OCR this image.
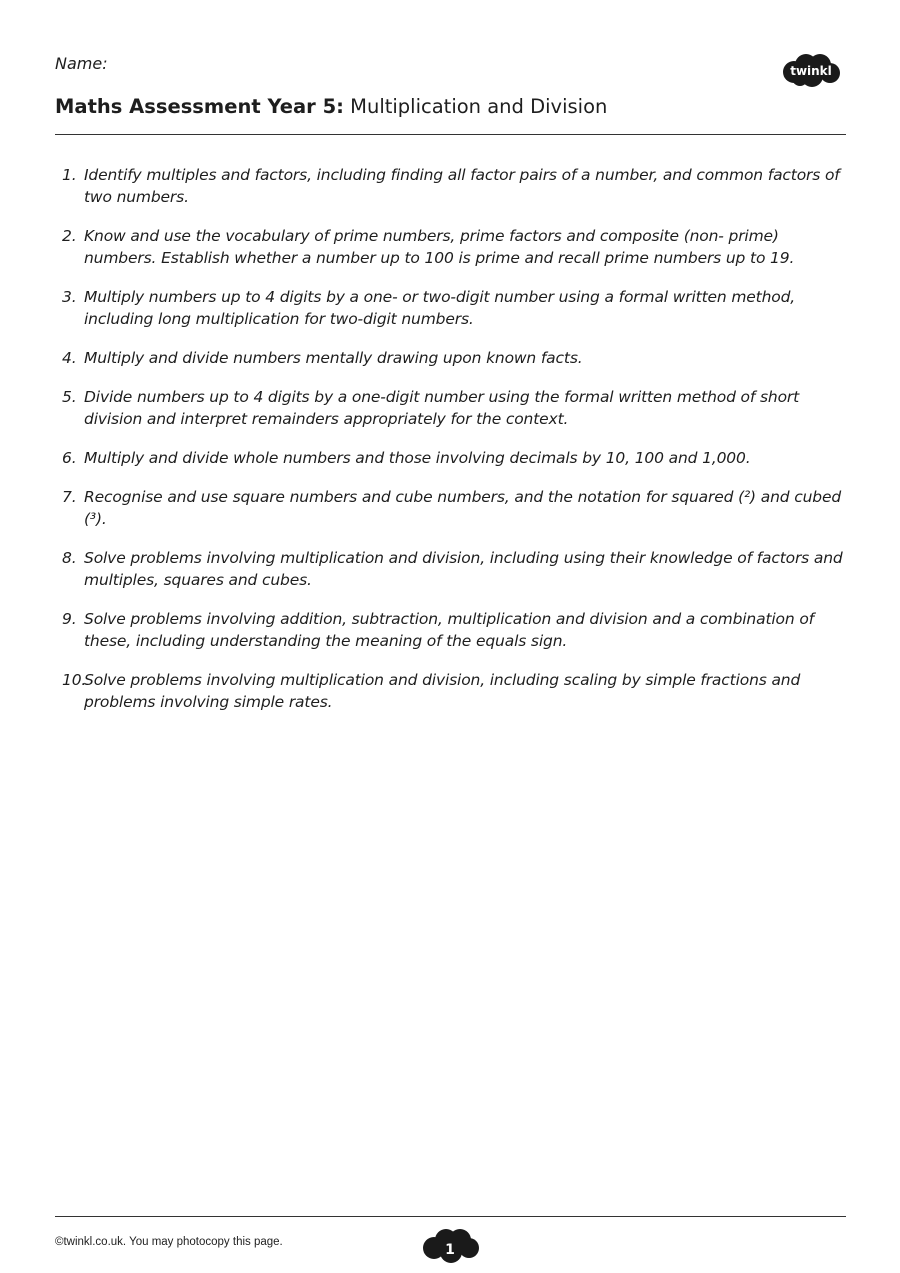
Name:	twinkl
Maths Assessment Year 5: Multiplication and Division
1. Identify multiples and factors, including finding all factor pairs of a number, and common factors of two numbers.
2. Know and use the vocabulary of prime numbers, prime factors and composite (non- prime) numbers. Establish whether a number up to 100 is prime and recall prime numbers up to 19.
3. Multiply numbers up to 4 digits by a one- or two-digit number using a formal written method, including long multiplication for two-digit numbers.
4. Multiply and divide numbers mentally drawing upon known facts.
5. Divide numbers up to 4 digits by a one-digit number using the formal written method of short division and interpret remainders appropriately for the context.
6. Multiply and divide whole numbers and those involving decimals by 10, 100 and 1,000.
7. Recognise and use square numbers and cube numbers, and the notation for squared (²) and cubed (³).
8. Solve problems involving multiplication and division, including using their knowledge of factors and multiples, squares and cubes.
9. Solve problems involving addition, subtraction, multiplication and division and a combination of these, including understanding the meaning of the equals sign.
10.
Solve problems involving multiplication and division, including scaling by simple fractions and problems involving simple rates.
©twinkl.co.uk. You may photocopy this page.	1
